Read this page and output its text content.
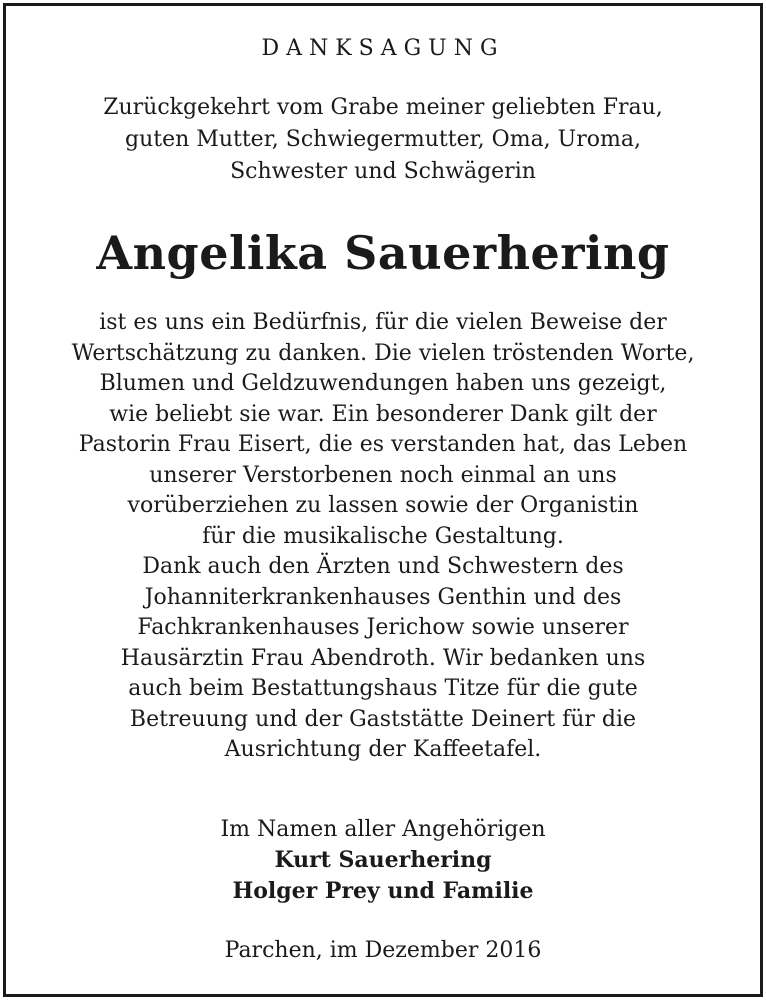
DANKSAGUNG
Zurückgekehrt vom Grabe meiner geliebten Frau,
guten Mutter, Schwiegermutter, Oma, Uroma,
Schwester und Schwägerin
Angelika Sauerhering
ist es uns ein Bedürfnis, für die vielen Beweise der
Wertschätzung zu danken. Die vielen tröstenden Worte,
Blumen und Geldzuwendungen haben uns gezeigt,
wie beliebt sie war. Ein besonderer Dank gilt der
Pastorin Frau Eisert, die es verstanden hat, das Leben
unserer Verstorbenen noch einmal an uns
vorüberziehen zu lassen sowie der Organistin
für die musikalische Gestaltung.
Dank auch den Ärzten und Schwestern des
Johanniterkrankenhauses Genthin und des
Fachkrankenhauses Jerichow sowie unserer
Hausärztin Frau Abendroth. Wir bedanken uns
auch beim Bestattungshaus Titze für die gute
Betreuung und der Gaststätte Deinert für die
Ausrichtung der Kaffeetafel.
Im Namen aller Angehörigen
Kurt Sauerhering
Holger Prey und Familie
Parchen, im Dezember 2016
